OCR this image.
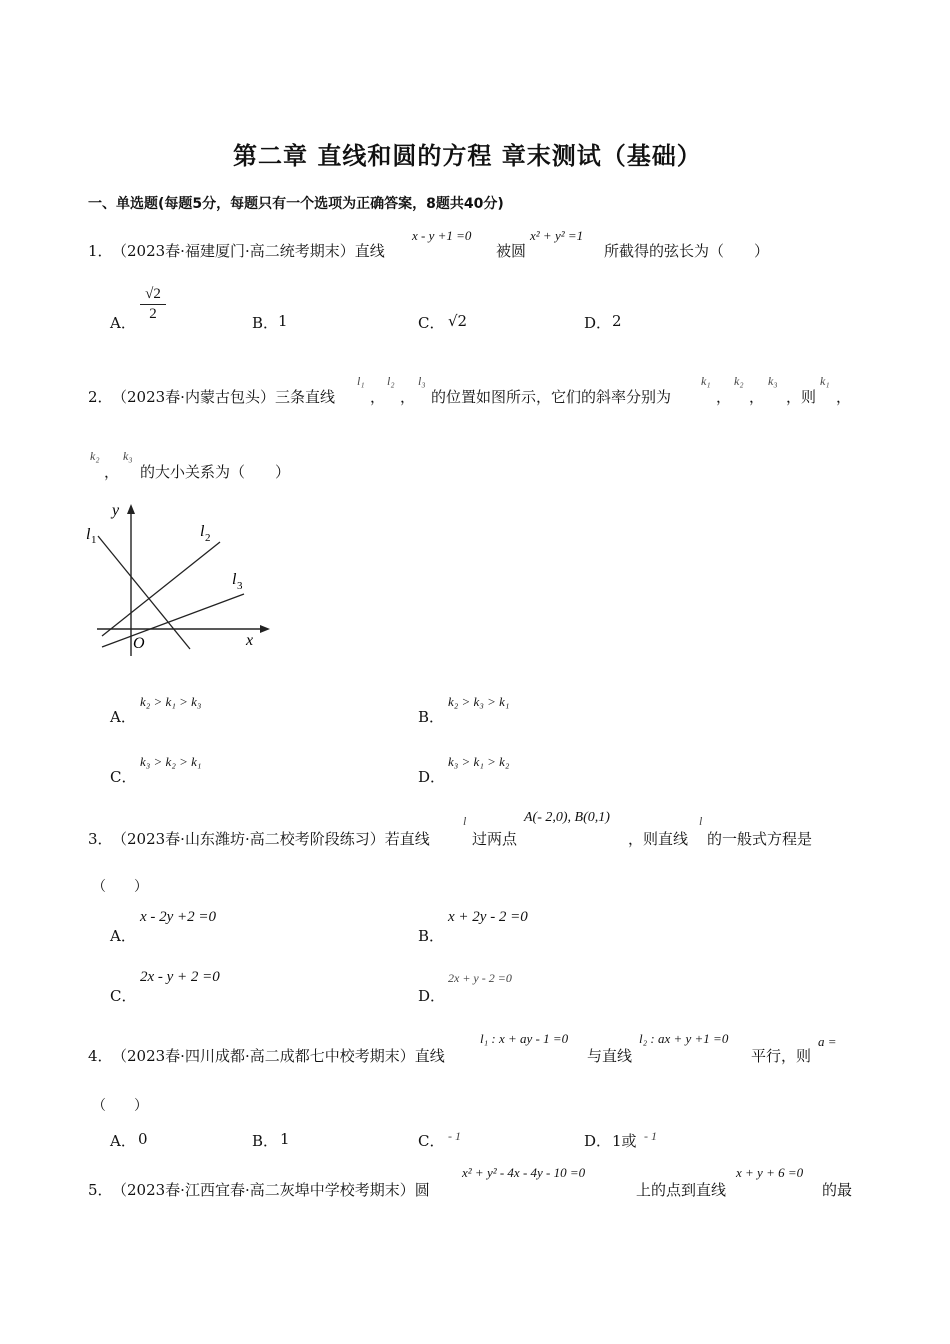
第二章 直线和圆的方程 章末测试（基础）
一、单选题(每题5分，每题只有一个选项为正确答案，8题共40分)
1． （2023春·福建厦门·高二统考期末）直线
x - y +1 =0
被圆
x² + y² =1
所截得的弦长为（　　）
A．
√2
2	B． 1	C． √2	D． 2
2． （2023春·内蒙古包头）三条直线
l₁
，
l₂
，
l₃
的位置如图所示，它们的斜率分别为
k₁
，
k₂
，
k₃
，则
k₁
，
k₂
，
k₃
的大小关系为（　　）
y
x
O
l 1	l 2
l 3
A．
k₂ > k₁ > k₃
B．
k₂ > k₃ > k₁
C．
k₃ > k₂ > k₁
D．
k₃ > k₁ > k₂
3． （2023春·山东潍坊·高二校考阶段练习）若直线
l
过两点
A(- 2,0), B(0,1)
，则直线
l
的一般式方程是
（　　）
A．
x - 2y +2 =0
B．
x + 2y - 2 =0
C．
2x - y + 2 =0
D．
2x + y - 2 =0
4． （2023春·四川成都·高二成都七中校考期末）直线
l₁ : x + ay - 1 =0
与直线
l₂ : ax + y +1 =0
平行，则
a =
（　　）
A． 0	B． 1	C． - 1	D． 1或 - 1
5． （2023春·江西宜春·高二灰埠中学校考期末）圆
x² + y² - 4x - 4y - 10 =0
上的点到直线
x + y + 6 =0
的最
